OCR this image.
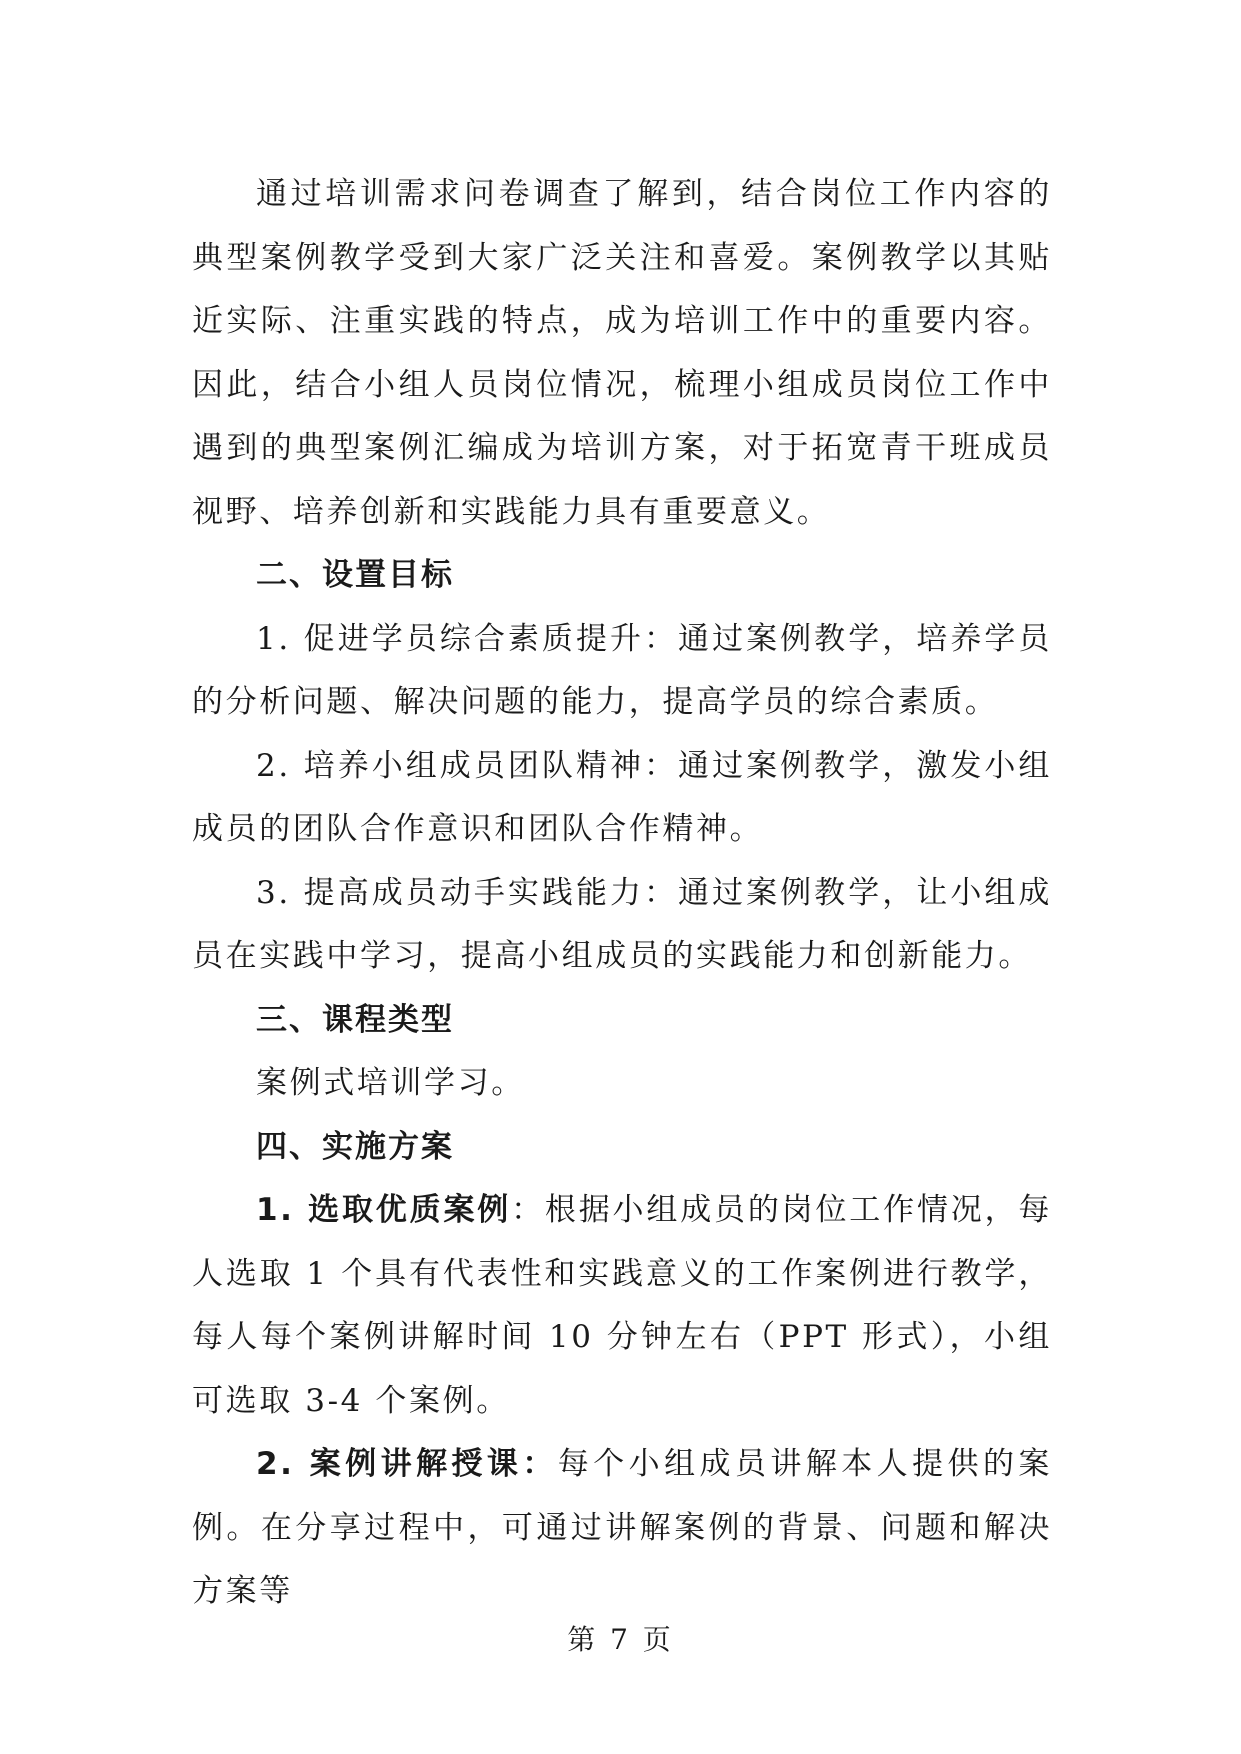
通过培训需求问卷调查了解到，结合岗位工作内容的典型案例教学受到大家广泛关注和喜爱。案例教学以其贴近实际、注重实践的特点，成为培训工作中的重要内容。因此，结合小组人员岗位情况，梳理小组成员岗位工作中遇到的典型案例汇编成为培训方案，对于拓宽青干班成员视野、培养创新和实践能力具有重要意义。

二、设置目标

1. 促进学员综合素质提升：通过案例教学，培养学员的分析问题、解决问题的能力，提高学员的综合素质。

2. 培养小组成员团队精神：通过案例教学，激发小组成员的团队合作意识和团队合作精神。

3. 提高成员动手实践能力：通过案例教学，让小组成员在实践中学习，提高小组成员的实践能力和创新能力。

三、课程类型

案例式培训学习。

四、实施方案

1. 选取优质案例：根据小组成员的岗位工作情况，每人选取 1 个具有代表性和实践意义的工作案例进行教学，每人每个案例讲解时间 10 分钟左右（PPT 形式），小组可选取 3-4 个案例。

2. 案例讲解授课：每个小组成员讲解本人提供的案例。在分享过程中，可通过讲解案例的背景、问题和解决方案等

第 7 页
